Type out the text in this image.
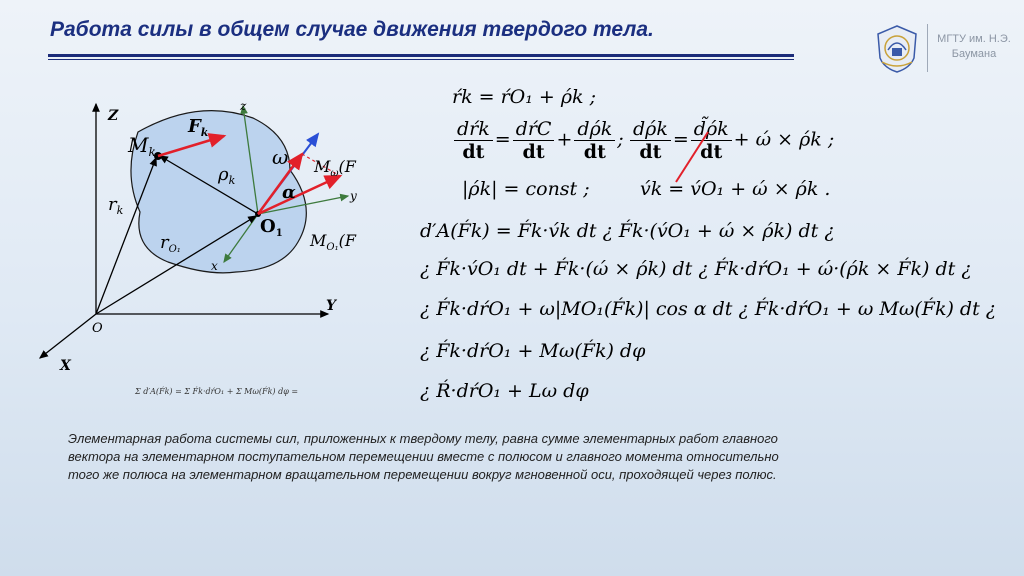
Работа силы в общем случае движения твердого тела.	МГТУ им. Н.Э.
Баумана
Z
Y
X
O
z
y
x
$M_k$
$F_k$
$r_k$
$\rho_k$
$r_{O_1}$
$O_1$
ω
α
$M_\omega(F$
$M_{O_1}(F$
ŕk = ŕO₁ + ρ́k ;
$\frac{\text{dŕk}}{dt} = \frac{\text{dŕC}}{dt} + \frac{d\rhók}{dt}$ ; $\frac{d\rhók}{dt} = \frac{d̃\rhók}{dt} + ώ$ × ρ́k ;
|ρ́k| = const ;	v́k = v́O₁ + ώ × ρ́k .
d′A(F́k) = F́k·v́k dt ¿ F́k·(v́O₁ + ώ × ρ́k) dt ¿
¿ F́k·v́O₁ dt + F́k·(ώ × ρ́k) dt ¿ F́k·dŕO₁ + ώ·(ρ́k × F́k) dt ¿
¿ F́k·dŕO₁ + ω|MO₁(F́k)| cos α dt ¿ F́k·dŕO₁ + ω Mω(F́k) dt ¿
¿ F́k·dŕO₁ + Mω(F́k) dφ
Σ d′A(F́k) = Σ F́k·dŕO₁ + Σ Mω(F́k) dφ =	¿ Ŕ·dŕO₁ + Lω dφ
Элементарная работа системы сил, приложенных к твердому телу, равна сумме элементарных работ главного вектора на элементарном поступательном перемещении вместе с полюсом и главного момента относительно того же полюса на элементарном вращательном перемещении вокруг мгновенной оси, проходящей через полюс.
